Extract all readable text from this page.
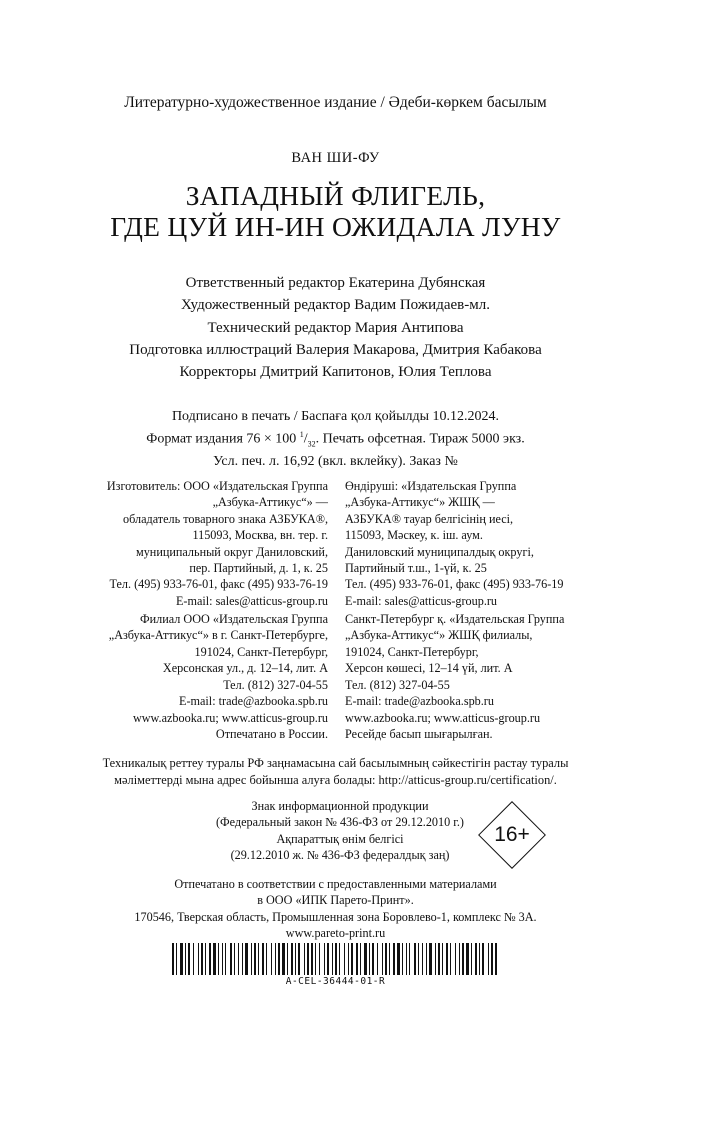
Литературно-художественное издание / Әдеби-көркем басылым
ВАН ШИ-ФУ
ЗАПАДНЫЙ ФЛИГЕЛЬ,
ГДЕ ЦУЙ ИН-ИН ОЖИДАЛА ЛУНУ
Ответственный редактор Екатерина Дубянская
Художественный редактор Вадим Пожидаев-мл.
Технический редактор Мария Антипова
Подготовка иллюстраций Валерия Макарова, Дмитрия Кабакова
Корректоры Дмитрий Капитонов, Юлия Теплова
Подписано в печать / Баспаға қол қойылды 10.12.2024.
Формат издания 76 × 100 $^1/_{32}$. Печать офсетная. Тираж 5000 экз.
Усл. печ. л. 16,92 (вкл. вклейку). Заказ №
Изготовитель: ООО «Издательская Группа
„Азбука-Аттикус“» —
обладатель товарного знака АЗБУКА®,
115093, Москва, вн. тер. г.
муниципальный округ Даниловский,
пер. Партийный, д. 1, к. 25
Тел. (495) 933-76-01, факс (495) 933-76-19
E-mail: sales@atticus-group.ru
Өндіруші: «Издательская Группа
„Азбука-Аттикус“» ЖШҚ —
АЗБУКА® тауар белгісінің иесі,
115093, Мәскеу, к. іш. аум.
Даниловский муниципалдық округі,
Партийный т.ш., 1-үй, к. 25
Тел. (495) 933-76-01, факс (495) 933-76-19
E-mail: sales@atticus-group.ru
Филиал ООО «Издательская Группа
„Азбука-Аттикус“» в г. Санкт-Петербурге,
191024, Санкт-Петербург,
Херсонская ул., д. 12–14, лит. А
Тел. (812) 327-04-55
E-mail: trade@azbooka.spb.ru
Санкт-Петербург қ. «Издательская Группа
„Азбука-Аттикус“» ЖШҚ филиалы,
191024, Санкт-Петербург,
Херсон көшесі, 12–14 үй, лит. А
Тел. (812) 327-04-55
E-mail: trade@azbooka.spb.ru
www.azbooka.ru; www.atticus-group.ru
Отпечатано в России.
www.azbooka.ru; www.atticus-group.ru
Ресейде басып шығарылған.
Техникалық реттеу туралы РФ заңнамасына сай басылымның сәйкестігін растау туралы
мәліметтерді мына адрес бойынша алуға болады: http://atticus-group.ru/certification/.
Знак информационной продукции
(Федеральный закон № 436-ФЗ от 29.12.2010 г.)
Ақпараттық өнім белгісі
(29.12.2010 ж. № 436-ФЗ федералдық заң)
16+
Отпечатано в соответствии с предоставленными материалами
в ООО «ИПК Парето-Принт».
170546, Тверская область, Промышленная зона Боровлево-1, комплекс № 3А.
www.pareto-print.ru
A-CEL-36444-01-R
